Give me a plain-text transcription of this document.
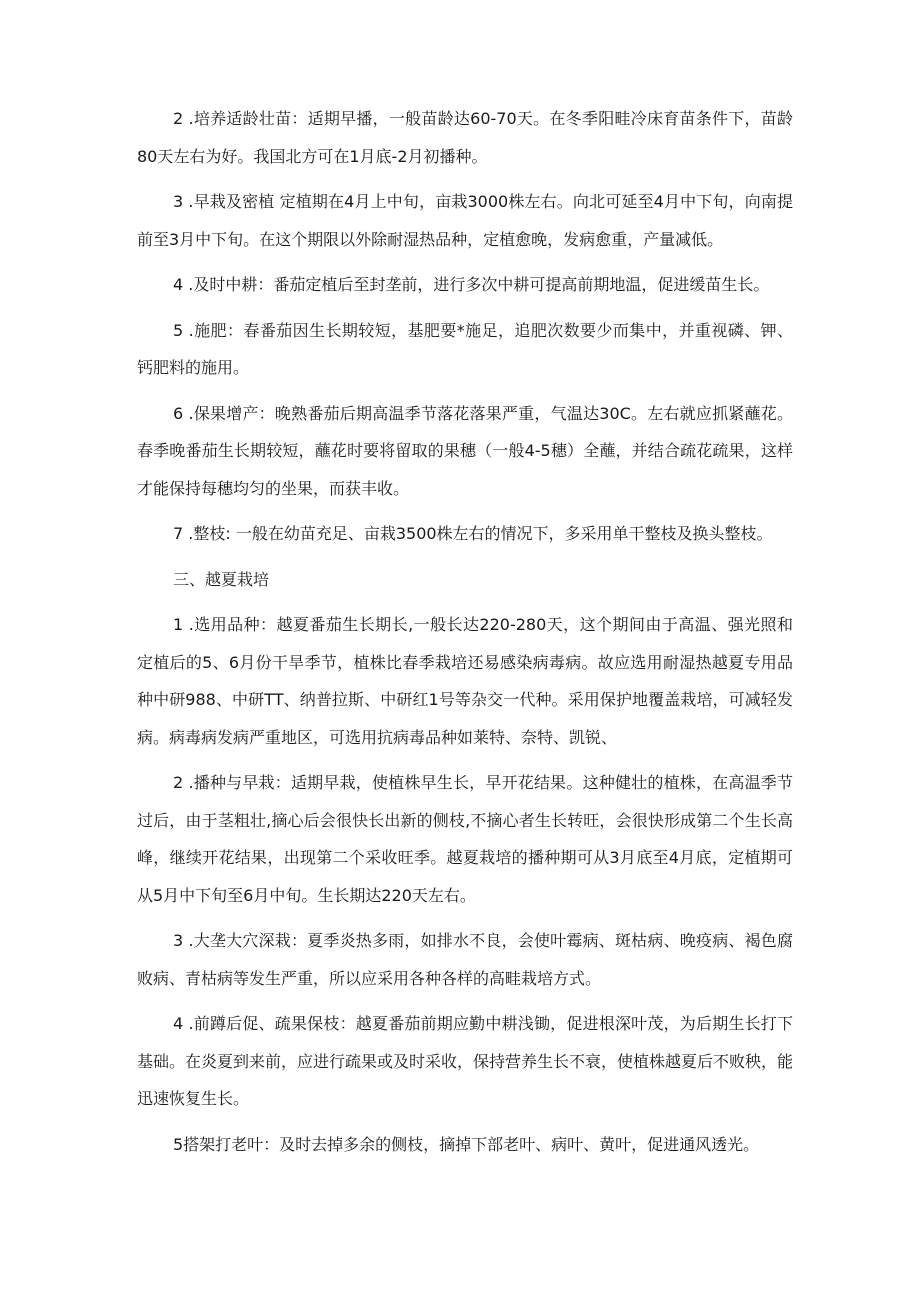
2 .培养适龄壮苗：适期早播，一般苗龄达60-70天。在冬季阳畦冷床育苗条件下，苗龄80天左右为好。我国北方可在1月底-2月初播种。

3 .早栽及密植 定植期在4月上中旬，亩栽3000株左右。向北可延至4月中下旬，向南提前至3月中下旬。在这个期限以外除耐湿热品种，定植愈晚，发病愈重，产量减低。

4 .及时中耕：番茄定植后至封垄前，进行多次中耕可提高前期地温，促进缓苗生长。

5 .施肥：春番茄因生长期较短，基肥要*施足，追肥次数要少而集中，并重视磷、钾、钙肥料的施用。

6 .保果增产：晚熟番茄后期高温季节落花落果严重，气温达30C。左右就应抓紧蘸花。春季晚番茄生长期较短，蘸花时要将留取的果穗（一般4-5穗）全蘸，并结合疏花疏果，这样才能保持每穗均匀的坐果，而获丰收。

7 .整枝: 一般在幼苗充足、亩栽3500株左右的情况下，多采用单干整枝及换头整枝。

三、越夏栽培

1 .选用品种：越夏番茄生长期长,一般长达220-280天，这个期间由于高温、强光照和定植后的5、6月份干旱季节，植株比春季栽培还易感染病毒病。故应选用耐湿热越夏专用品种中研988、中研TT、纳普拉斯、中研红1号等杂交一代种。采用保护地覆盖栽培，可减轻发病。病毒病发病严重地区，可选用抗病毒品种如莱特、奈特、凯锐、

2 .播种与早栽：适期早栽，使植株早生长，早开花结果。这种健壮的植株，在高温季节过后，由于茎粗壮,摘心后会很快长出新的侧枝,不摘心者生长转旺，会很快形成第二个生长高峰，继续开花结果，出现第二个采收旺季。越夏栽培的播种期可从3月底至4月底，定植期可从5月中下旬至6月中旬。生长期达220天左右。

3 .大垄大穴深栽：夏季炎热多雨，如排水不良，会使叶霉病、斑枯病、晚疫病、褐色腐败病、青枯病等发生严重，所以应采用各种各样的高畦栽培方式。

4 .前蹲后促、疏果保枝：越夏番茄前期应勤中耕浅锄，促进根深叶茂，为后期生长打下基础。在炎夏到来前，应进行疏果或及时采收，保持营养生长不衰，使植株越夏后不败秧，能迅速恢复生长。

5搭架打老叶：及时去掉多余的侧枝，摘掉下部老叶、病叶、黄叶，促进通风透光。
